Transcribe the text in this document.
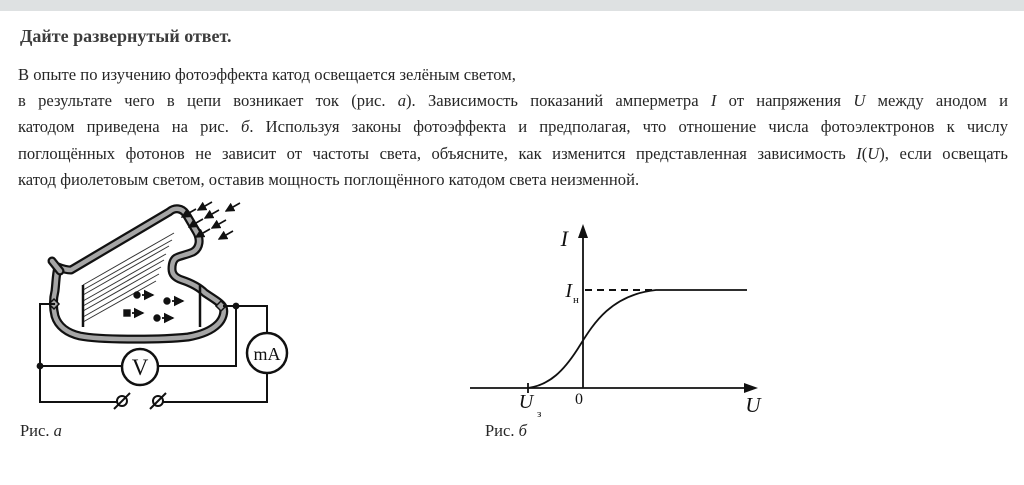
Дайте развернутый ответ.
В опыте по изучению фотоэффекта катод освещается зелёным светом,
в результате чего в цепи возникает ток (рис. а). Зависимость показаний амперметра I от напряжения U между анодом и
катодом приведена на рис. б. Используя законы фотоэффекта и предполагая, что отношение числа фотоэлектронов к числу
поглощённых фотонов не зависит от частоты света, объясните, как изменится представленная зависимость I(U), если освещать
катод фиолетовым светом, оставив мощность поглощённого катодом света неизменной.
V
mA
I
U
0
I н
U
з
Рис. а	Рис. б
